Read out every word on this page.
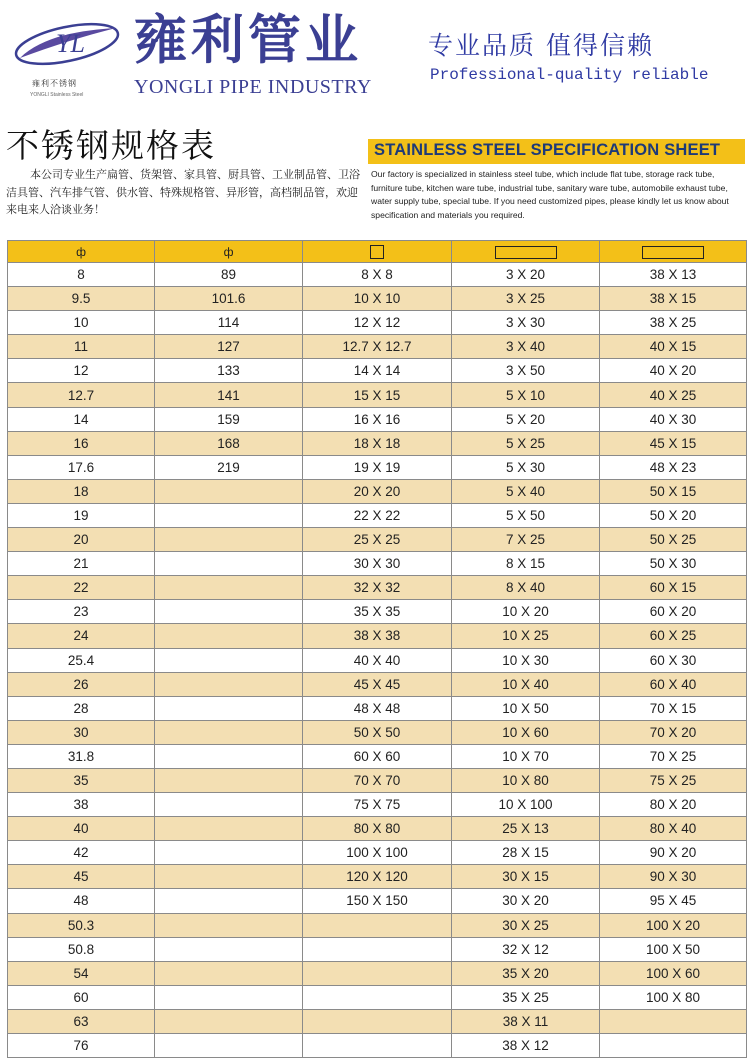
YL
雍利不锈钢
YONGLI Stainless Steel
雍利管业
YONGLI PIPE INDUSTRY
专业品质 值得信赖
Professional-quality reliable
不锈钢规格表
本公司专业生产扁管、货架管、家具管、厨具管、工业制品管、卫浴洁具管、汽车排气管、供水管、特殊规格管、异形管，高档制品管，欢迎来电来人洽谈业务！
STAINLESS STEEL SPECIFICATION SHEET
Our factory is specialized in stainless steel tube, which include flat tube, storage rack tube, furniture tube, kitchen ware tube, industrial tube, sanitary ware tube, automobile exhaust tube, water supply tube, special tube. If you need customized pipes, please kindly let us know about specification and materials you required.
ф	ф			
8	89	8 X 8	3 X 20	38 X 13
9.5	101.6	10 X 10	3 X 25	38 X 15
10	114	12 X 12	3 X 30	38 X 25
11	127	12.7 X 12.7	3 X 40	40 X 15
12	133	14 X 14	3 X 50	40 X 20
12.7	141	15 X 15	5 X 10	40 X 25
14	159	16 X 16	5 X 20	40 X 30
16	168	18 X 18	5 X 25	45 X 15
17.6	219	19 X 19	5 X 30	48 X 23
18		20 X 20	5 X 40	50 X 15
19		22 X 22	5 X 50	50 X 20
20		25 X 25	7 X 25	50 X 25
21		30 X 30	8 X 15	50 X 30
22		32 X 32	8 X 40	60 X 15
23		35 X 35	10 X 20	60 X 20
24		38 X 38	10 X 25	60 X 25
25.4		40 X 40	10 X 30	60 X 30
26		45 X 45	10 X 40	60 X 40
28		48 X 48	10 X 50	70 X 15
30		50 X 50	10 X 60	70 X 20
31.8		60 X 60	10 X 70	70 X 25
35		70 X 70	10 X 80	75 X 25
38		75 X 75	10 X 100	80 X 20
40		80 X 80	25 X 13	80 X 40
42		100 X 100	28 X 15	90 X 20
45		120 X 120	30 X 15	90 X 30
48		150 X 150	30 X 20	95 X 45
50.3			30 X 25	100 X 20
50.8			32 X 12	100 X 50
54			35 X 20	100 X 60
60			35 X 25	100 X 80
63			38 X 11	
76			38 X 12	
